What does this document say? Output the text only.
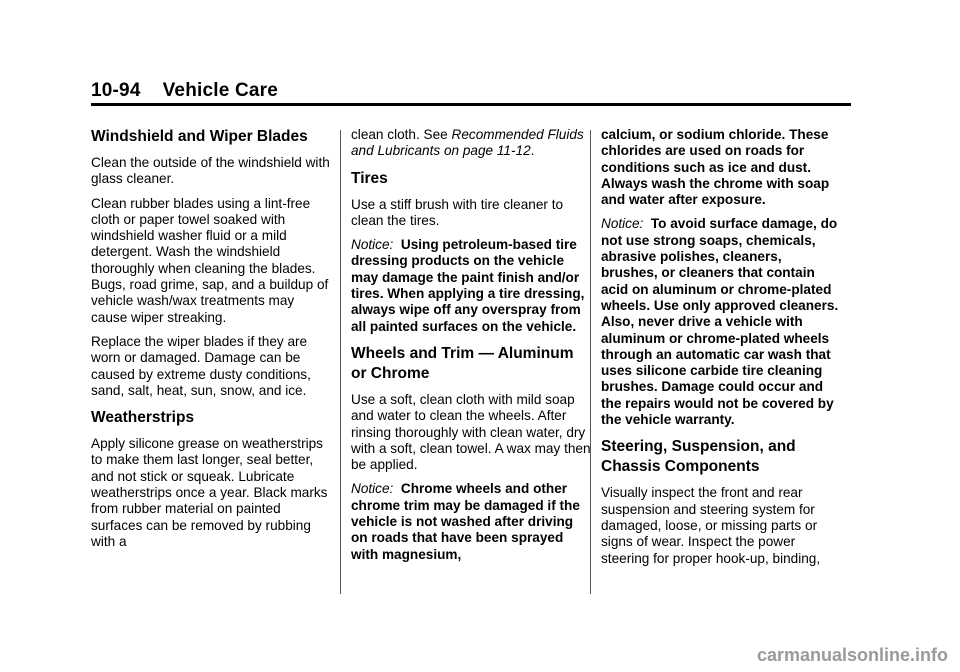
10-94 Vehicle Care
Windshield and Wiper Blades

Clean the outside of the windshield with glass cleaner.

Clean rubber blades using a lint-free cloth or paper towel soaked with windshield washer fluid or a mild detergent. Wash the windshield thoroughly when cleaning the blades. Bugs, road grime, sap, and a buildup of vehicle wash/wax treatments may cause wiper streaking.

Replace the wiper blades if they are worn or damaged. Damage can be caused by extreme dusty conditions, sand, salt, heat, sun, snow, and ice.

Weatherstrips

Apply silicone grease on weatherstrips to make them last longer, seal better, and not stick or squeak. Lubricate weatherstrips once a year. Black marks from rubber material on painted surfaces can be removed by rubbing with a

clean cloth. See Recommended Fluids and Lubricants on page 11-12.

Tires

Use a stiff brush with tire cleaner to clean the tires.

Notice: Using petroleum-based tire dressing products on the vehicle may damage the paint finish and/or tires. When applying a tire dressing, always wipe off any overspray from all painted surfaces on the vehicle.

Wheels and Trim — Aluminum or Chrome

Use a soft, clean cloth with mild soap and water to clean the wheels. After rinsing thoroughly with clean water, dry with a soft, clean towel. A wax may then be applied.

Notice: Chrome wheels and other chrome trim may be damaged if the vehicle is not washed after driving on roads that have been sprayed with magnesium,

calcium, or sodium chloride. These chlorides are used on roads for conditions such as ice and dust. Always wash the chrome with soap and water after exposure.

Notice: To avoid surface damage, do not use strong soaps, chemicals, abrasive polishes, cleaners, brushes, or cleaners that contain acid on aluminum or chrome-plated wheels. Use only approved cleaners. Also, never drive a vehicle with aluminum or chrome-plated wheels through an automatic car wash that uses silicone carbide tire cleaning brushes. Damage could occur and the repairs would not be covered by the vehicle warranty.

Steering, Suspension, and Chassis Components

Visually inspect the front and rear suspension and steering system for damaged, loose, or missing parts or signs of wear. Inspect the power steering for proper hook-up, binding,

carmanualsonline.info
